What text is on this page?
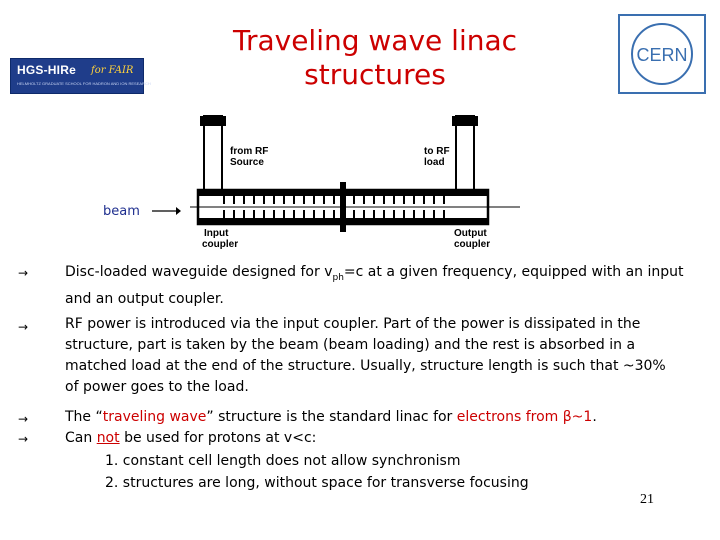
HGS-HIRe for FAIR
HELMHOLTZ GRADUATE SCHOOL FOR HADRON AND ION RESEARCH
CERN
Traveling wave linac
structures
beam
from RF
Source
to RF
load
Input
coupler
Output
coupler
→	Disc-loaded waveguide designed for $v_{ph}=c$ at a given frequency, equipped with an input
and an output coupler.
→	RF power is introduced via the input coupler. Part of the power is dissipated in the
structure, part is taken by the beam (beam loading) and the rest is absorbed in a
matched load at the end of the structure. Usually, structure length is such that ~30%
of power goes to the load.
→	The “traveling wave” structure is the standard linac for electrons from β~1.
→	Can not be used for protons at v<c:
1. constant cell length does not allow synchronism
2. structures are long, without space for transverse focusing
21
